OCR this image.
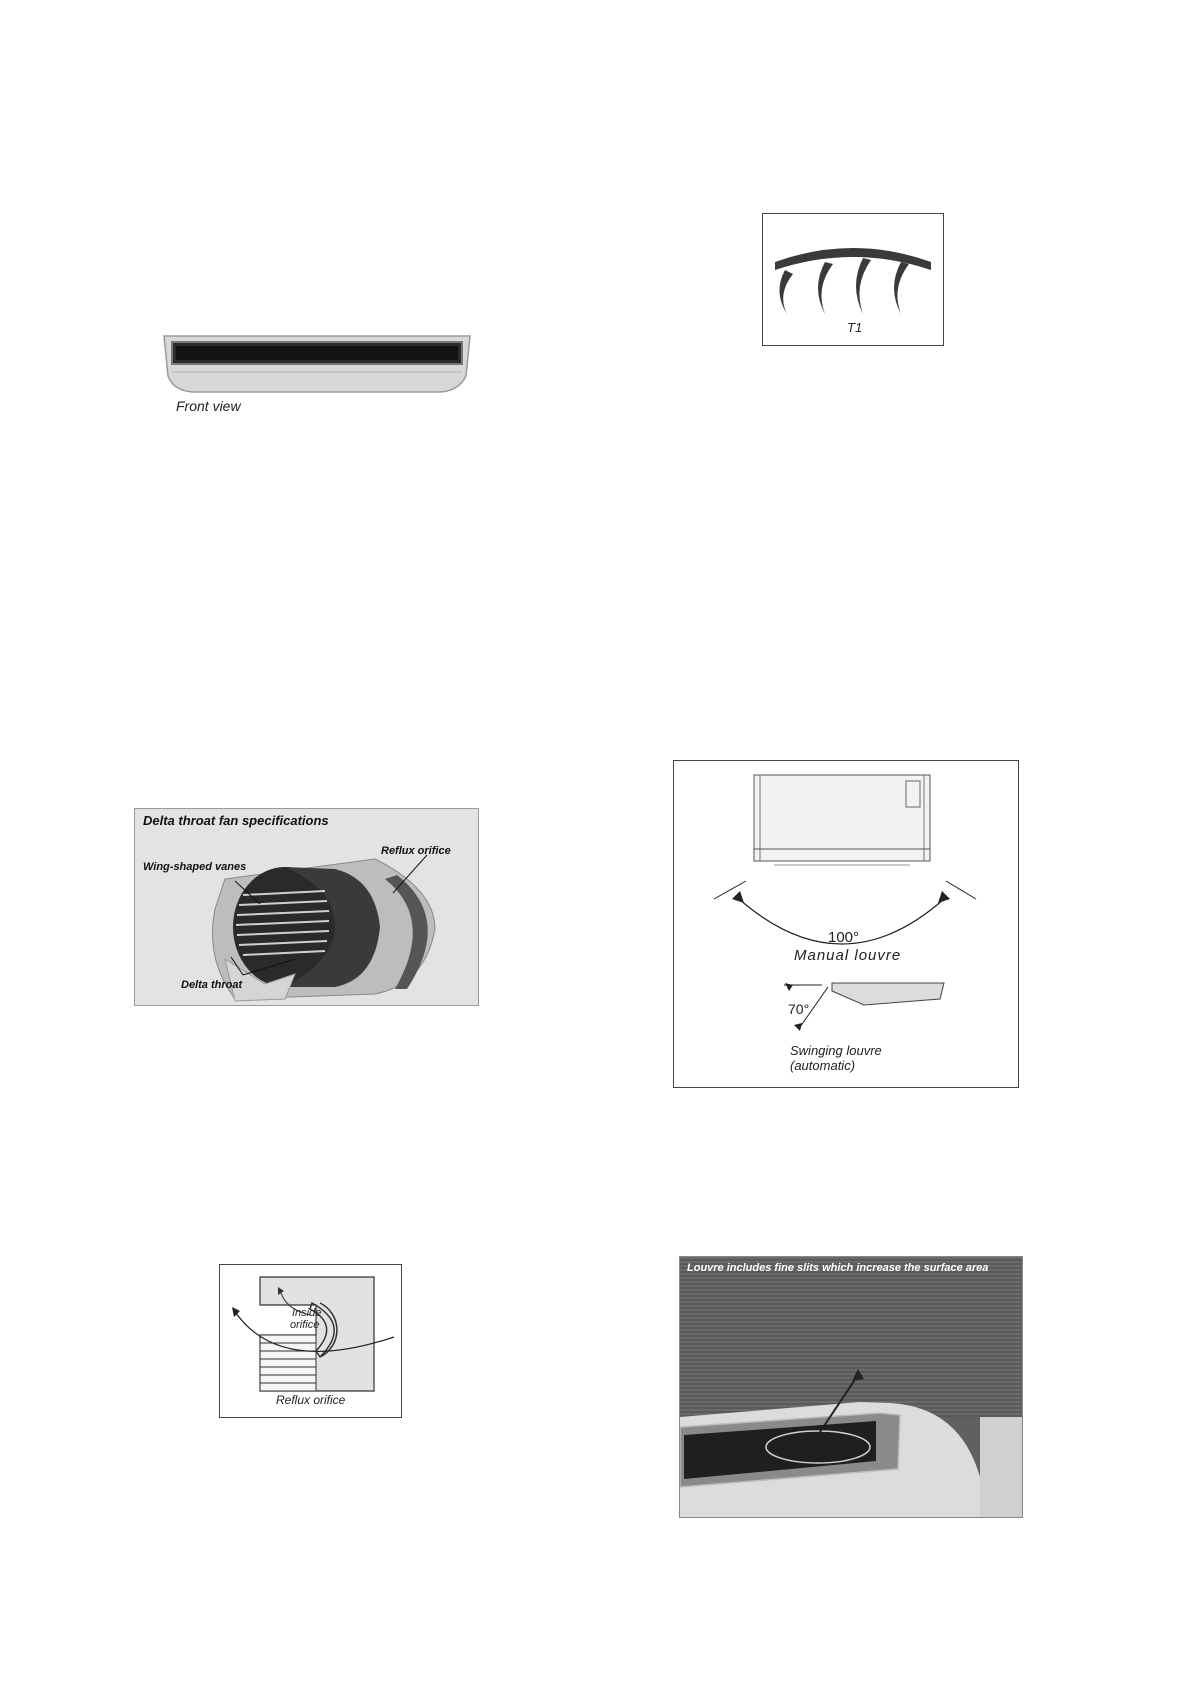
Front view
T1
Delta throat fan specifications
Wing-shaped vanes
Reflux orifice
Delta throat
100°
Manual louvre
70°
Swinging louvre
(automatic)
Inside
orifice
Reflux orifice
Louvre includes fine slits which increase the surface area
